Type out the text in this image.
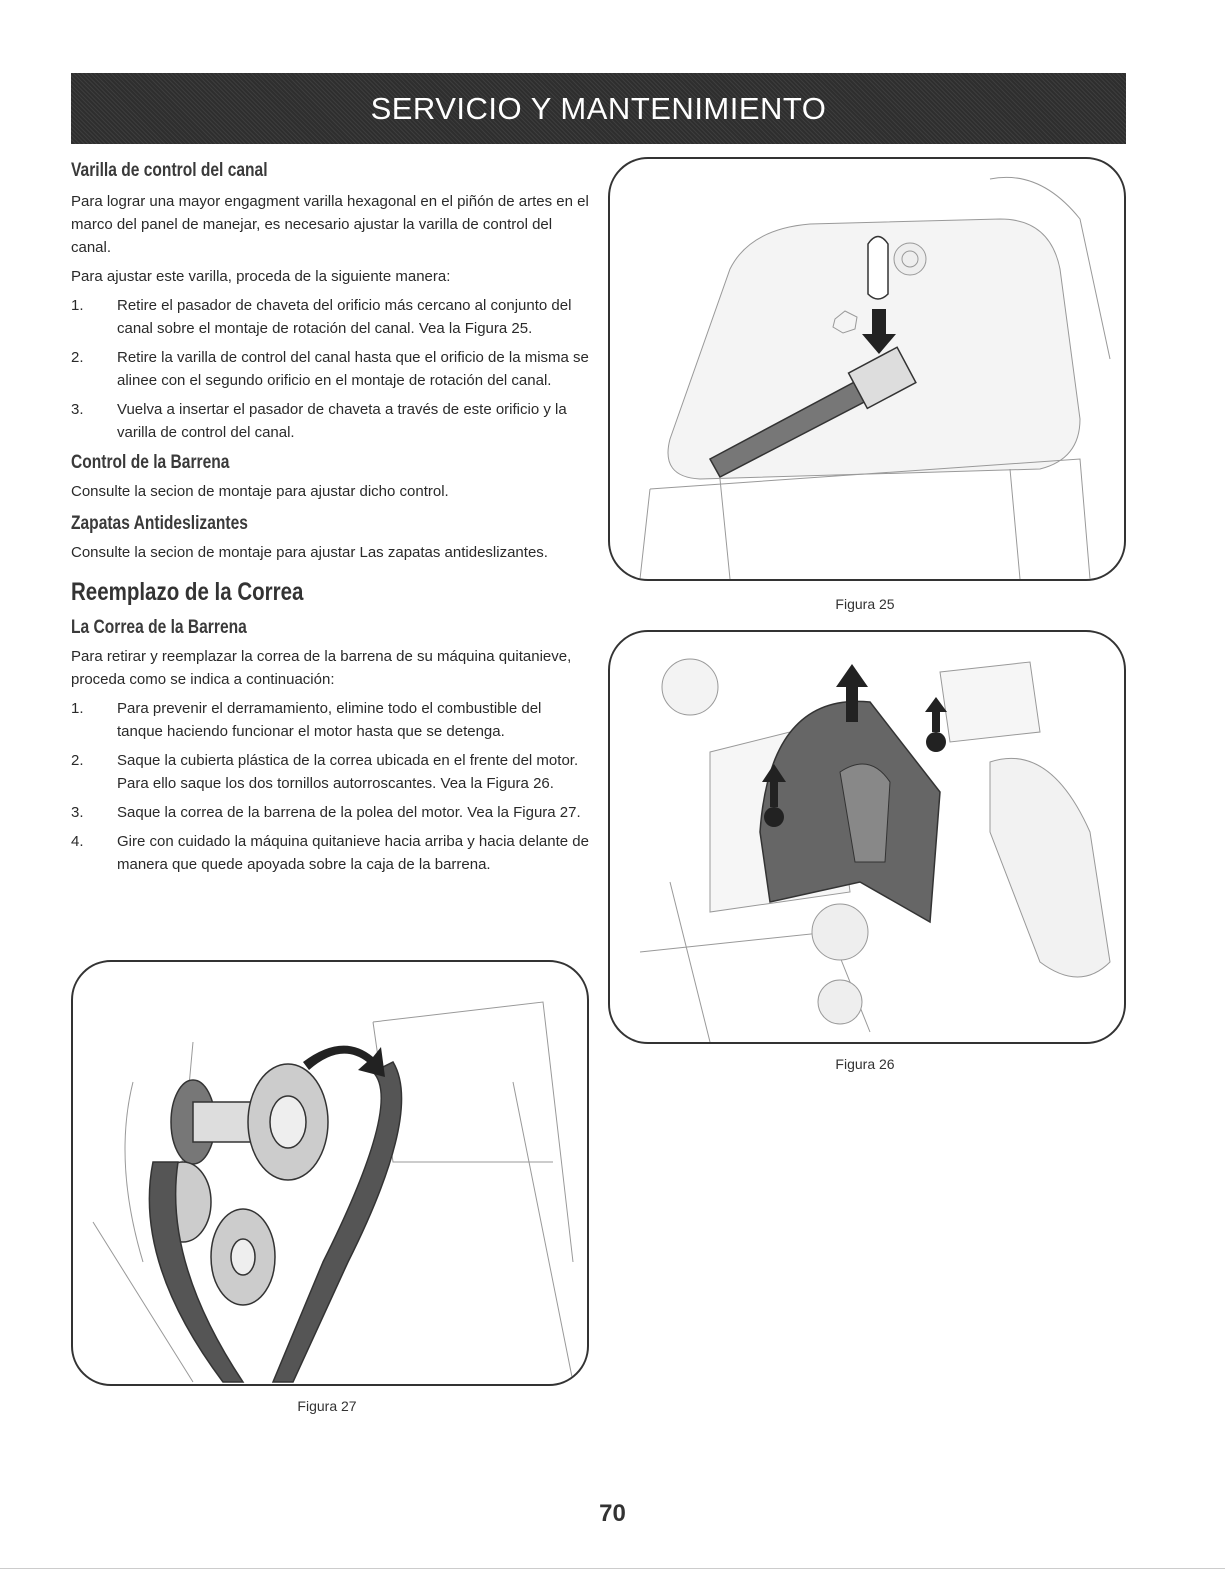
SERVICIO Y MANTENIMIENTO
Varilla de control del canal

Para lograr una mayor engagment varilla hexagonal en el piñón de artes en el marco del panel de manejar, es necesario ajustar la varilla de control del canal.

Para ajustar este varilla, proceda de la siguiente manera:

1. Retire el pasador de chaveta del orificio más cercano al conjunto del canal sobre el montaje de rotación del canal. Vea la Figura 25.
2. Retire la varilla de control del canal hasta que el orificio de la misma se alinee con el segundo orificio en el montaje de rotación del canal.
3. Vuelva a insertar el pasador de chaveta a través de este orificio y la varilla de control del canal.
Control de la Barrena

Consulte la secion de montaje para ajustar dicho control.

Zapatas Antideslizantes

Consulte la secion de montaje para ajustar Las zapatas antideslizantes.

Reemplazo de la Correa
La Correa de la Barrena

Para retirar y reemplazar la correa de la barrena de su máquina quitanieve, proceda como se indica a continuación:

1. Para prevenir el derramamiento, elimine todo el combustible del tanque haciendo funcionar el motor hasta que se detenga.
2. Saque la cubierta plástica de la correa ubicada en el frente del motor. Para ello saque los dos tornillos autorroscantes. Vea la Figura 26.
3. Saque la correa de la barrena de la polea del motor. Vea la Figura 27.
4. Gire con cuidado la máquina quitanieve hacia arriba y hacia delante de manera que quede apoyada sobre la caja de la barrena.
Figura 25
Figura 26
Figura 27
70
